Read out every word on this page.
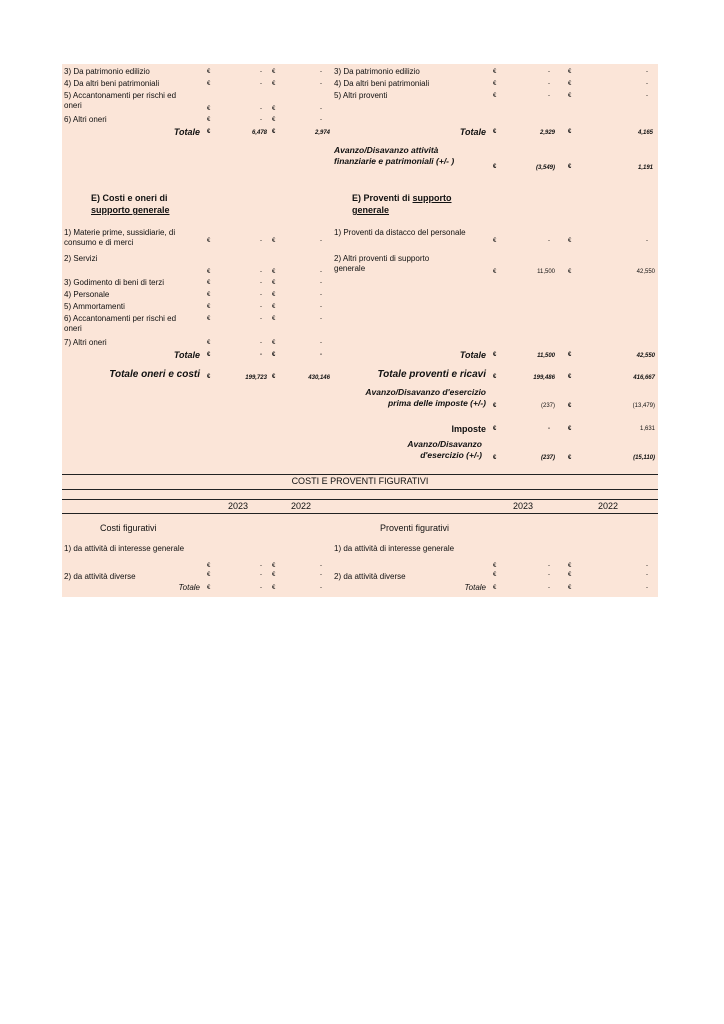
3) Da patrimonio edilizio	€	- €	-
4) Da altri beni patrimoniali	€	- €	-
5) Accantonamenti per rischi ed oneri	€	- €	-
6) Altri oneri	€	- €	-
Totale €	6,478 €	2,974
3) Da patrimonio edilizio	€	-	€	-
4) Da altri beni patrimoniali	€	-	€	-
5) Altri proventi	€	-	€	-
Totale €	2,929 €	4,165
Avanzo/Disavanzo attività finanziarie e patrimoniali (+/- )
€	(3,549) €	1,191
E) Costi e oneri di supporto generale
E) Proventi di supporto
generale
1) Materie prime, sussidiarie, di consumo e di merci	€	- €	-
2) Servizi
€	- €	-
3) Godimento di beni di terzi	€	- €	-
4) Personale	€	- €	-
5) Ammortamenti	€	- €	-
6) Accantonamenti per rischi ed oneri
€	- €	-
7) Altri oneri	€	- €	-
Totale €	- €	-
1) Proventi da distacco del personale
€	-	€	-
2) Altri proventi di supporto generale	€	11,500 €	42,550
Totale €	11,500 €	42,550
Totale oneri e costi €	199,723 €	430,146	Totale proventi e ricavi €	199,486 €	416,667
Avanzo/Disavanzo d'esercizio prima delle imposte (+/-) €	(237) €	(13,479)
Imposte €	-	€	1,631
Avanzo/Disavanzo d'esercizio (+/-) €	(237) €	(15,110)
COSTI E PROVENTI FIGURATIVI
2023	2022	2023	2022
Costi figurativi	Proventi figurativi
1) da attività di interesse generale
€	- €	-
2) da attività diverse	€	- €	-
Totale €	- €	-
1) da attività di interesse generale
€	-	€	-
2) da attività diverse	€	-	€	-
Totale €	-	€	-
